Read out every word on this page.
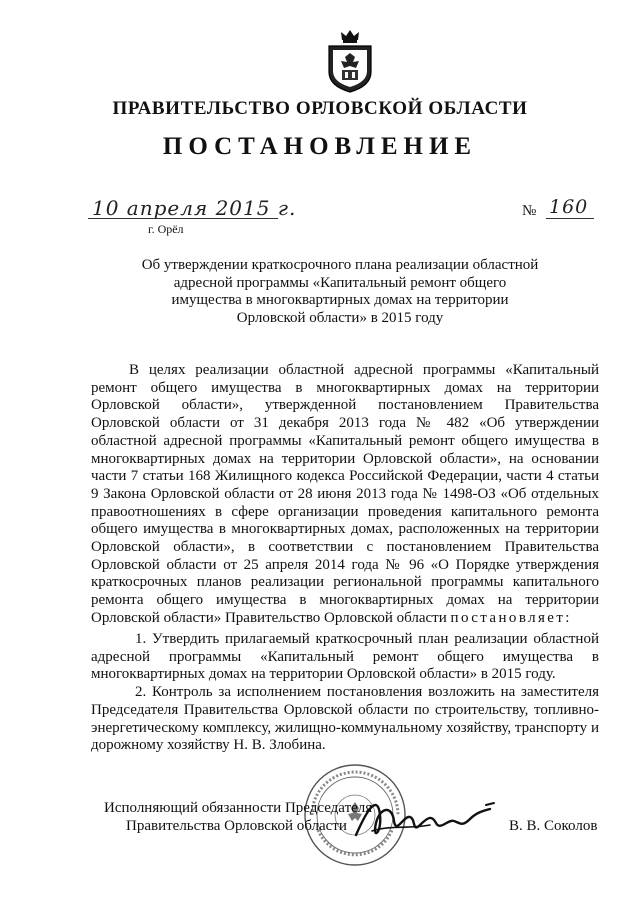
ПРАВИТЕЛЬСТВО ОРЛОВСКОЙ ОБЛАСТИ
ПОСТАНОВЛЕНИЕ
10 апреля 2015 г.	№ 160
г. Орёл
Об утверждении краткосрочного плана реализации областной адресной программы «Капитальный ремонт общего имущества в многоквартирных домах на территории Орловской области» в 2015 году

В целях реализации областной адресной программы «Капитальный ремонт общего имущества в многоквартирных домах на территории Орловской области», утвержденной постановлением Правительства Орловской области от 31 декабря 2013 года № 482 «Об утверждении областной адресной программы «Капитальный ремонт общего имущества в многоквартирных домах на территории Орловской области», на основании части 7 статьи 168 Жилищного кодекса Российской Федерации, части 4 статьи 9 Закона Орловской области от 28 июня 2013 года № 1498-ОЗ «Об отдельных правоотношениях в сфере организации проведения капитального ремонта общего имущества в многоквартирных домах, расположенных на территории Орловской области», в соответствии с постановлением Правительства Орловской области от 25 апреля 2014 года № 96 «О Порядке утверждения краткосрочных планов реализации региональной программы капитального ремонта общего имущества в многоквартирных домах на территории Орловской области» Правительство Орловской области постановляет:

1. Утвердить прилагаемый краткосрочный план реализации областной адресной программы «Капитальный ремонт общего имущества в многоквартирных домах на территории Орловской области» в 2015 году.

2. Контроль за исполнением постановления возложить на заместителя Председателя Правительства Орловской области по строительству, топливно-энергетическому комплексу, жилищно-коммунальному хозяйству, транспорту и дорожному хозяйству Н. В. Злобина.

Исполняющий обязанности Председателя
Правительства Орловской области	В. В. Соколов
